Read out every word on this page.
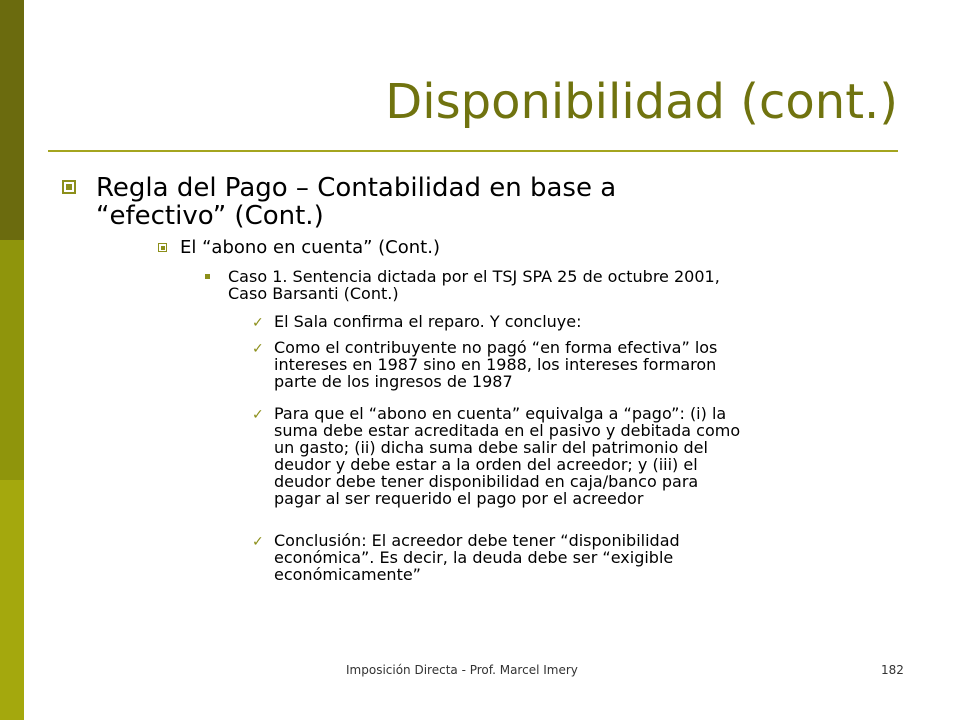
Disponibilidad (cont.)

Regla del Pago – Contabilidad en base a

“efectivo” (Cont.)

El “abono en cuenta” (Cont.)

Caso 1. Sentencia dictada por el TSJ SPA 25 de octubre 2001,

Caso Barsanti (Cont.)

✓ El Sala confirma el reparo. Y concluye:

✓ Como el contribuyente no pagó “en forma efectiva” los

intereses en 1987 sino en 1988, los intereses formaron

parte de los ingresos de 1987

✓ Para que el “abono en cuenta” equivalga a “pago”: (i) la

suma debe estar acreditada en el pasivo y debitada como

un gasto; (ii) dicha suma debe salir del patrimonio del

deudor y debe estar a la orden del acreedor; y (iii) el

deudor debe tener disponibilidad en caja/banco para

pagar al ser requerido el pago por el acreedor

✓ Conclusión: El acreedor debe tener “disponibilidad

económica”. Es decir, la deuda debe ser “exigible

económicamente”

Imposición Directa - Prof. Marcel Imery	182
